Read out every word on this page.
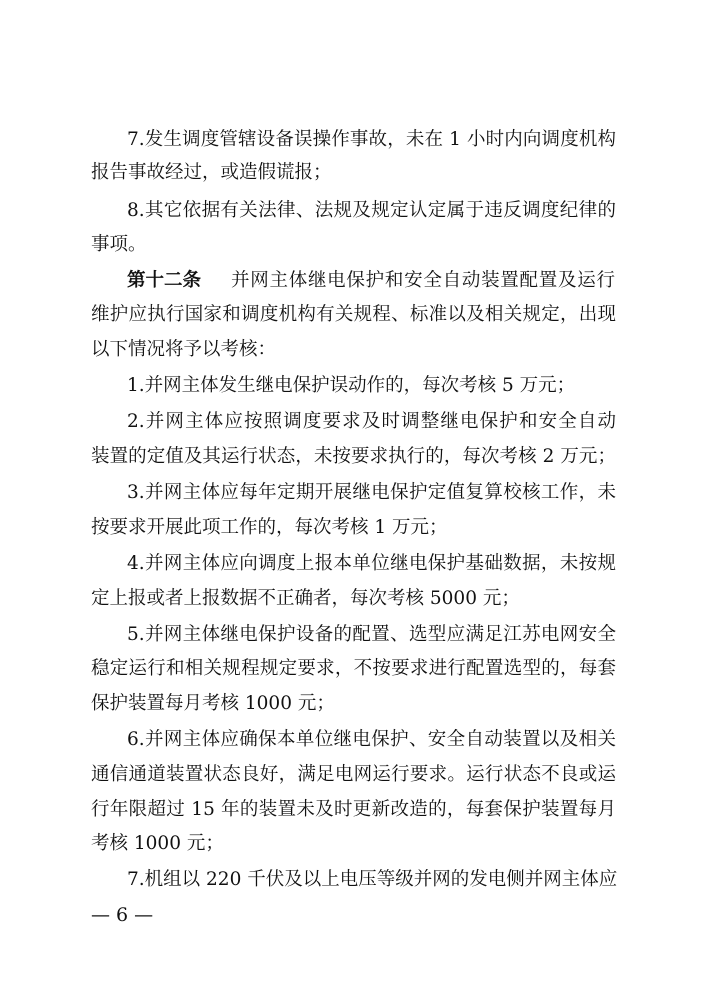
7.发生调度管辖设备误操作事故，未在 1 小时内向调度机构
报告事故经过，或造假谎报；
8.其它依据有关法律、法规及规定认定属于违反调度纪律的
事项。
第十二条 并网主体继电保护和安全自动装置配置及运行
维护应执行国家和调度机构有关规程、标准以及相关规定，出现
以下情况将予以考核：
1.并网主体发生继电保护误动作的，每次考核 5 万元；
2.并网主体应按照调度要求及时调整继电保护和安全自动
装置的定值及其运行状态，未按要求执行的，每次考核 2 万元；
3.并网主体应每年定期开展继电保护定值复算校核工作，未
按要求开展此项工作的，每次考核 1 万元；
4.并网主体应向调度上报本单位继电保护基础数据，未按规
定上报或者上报数据不正确者，每次考核 5000 元；
5.并网主体继电保护设备的配置、选型应满足江苏电网安全
稳定运行和相关规程规定要求，不按要求进行配置选型的，每套
保护装置每月考核 1000 元；
6.并网主体应确保本单位继电保护、安全自动装置以及相关
通信通道装置状态良好，满足电网运行要求。运行状态不良或运
行年限超过 15 年的装置未及时更新改造的，每套保护装置每月
考核 1000 元；
7.机组以 220 千伏及以上电压等级并网的发电侧并网主体应
— 6 —
